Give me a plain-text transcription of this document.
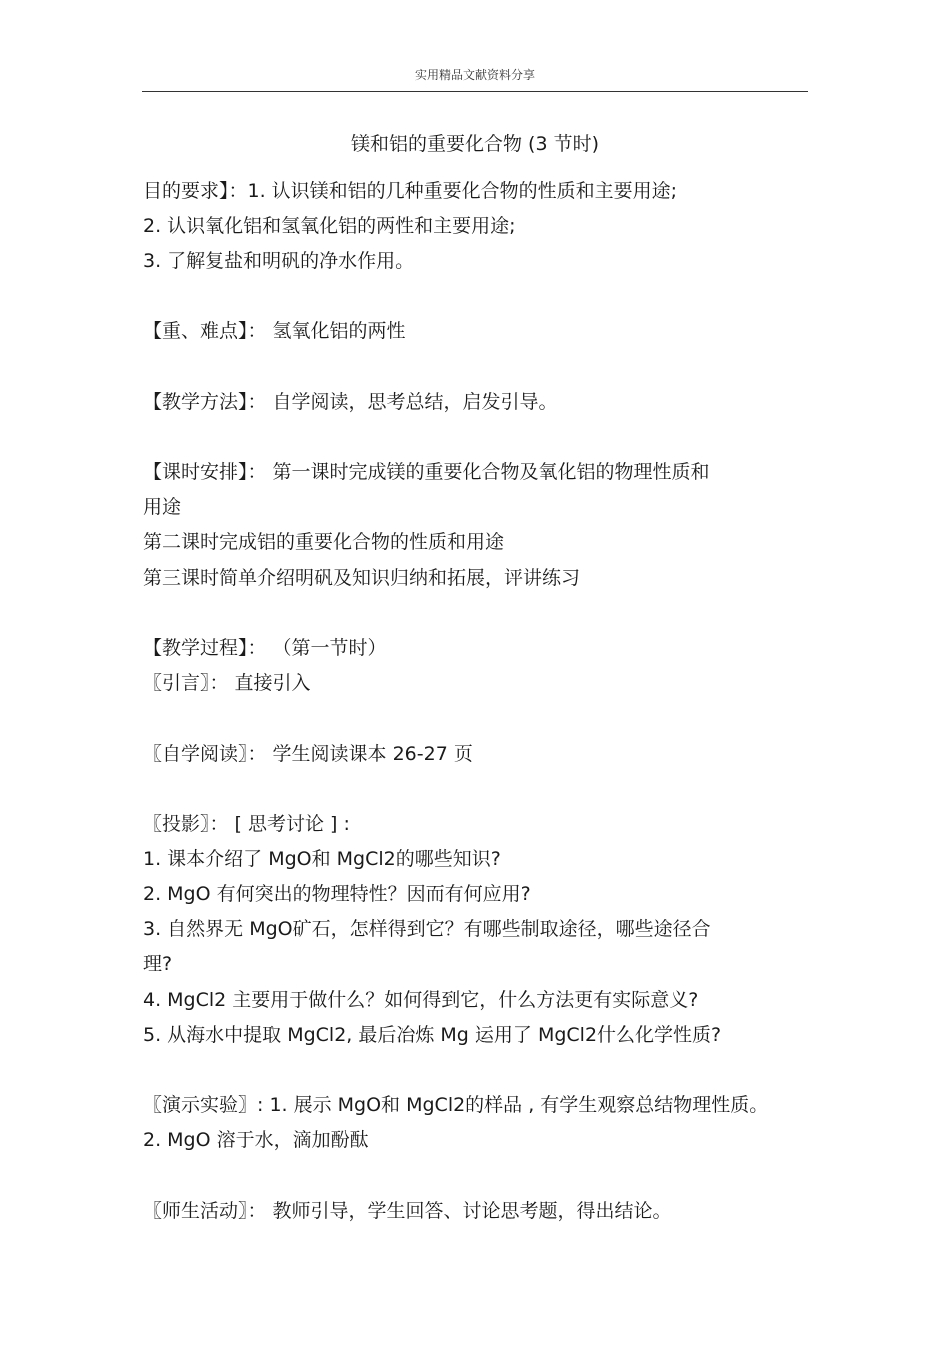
实用精品文献资料分享
镁和铝的重要化合物 (3 节时)
目的要求】：1. 认识镁和铝的几种重要化合物的性质和主要用途;
2. 认识氧化铝和氢氧化铝的两性和主要用途;
3. 了解复盐和明矾的净水作用。
【重、难点】： 氢氧化铝的两性
【教学方法】： 自学阅读，思考总结，启发引导。
【课时安排】： 第一课时完成镁的重要化合物及氧化铝的物理性质和
用途
第二课时完成铝的重要化合物的性质和用途
第三课时简单介绍明矾及知识归纳和拓展，评讲练习
【教学过程】： （第一节时）
〖引言〗： 直接引入
〖自学阅读〗： 学生阅读课本 26-27 页
〖投影〗： [ 思考讨论 ] :
1. 课本介绍了 MgO和 MgCl2的哪些知识?
2. MgO 有何突出的物理特性？因而有何应用?
3. 自然界无 MgO矿石，怎样得到它？有哪些制取途径，哪些途径合
理?
4. MgCl2 主要用于做什么？如何得到它，什么方法更有实际意义?
5. 从海水中提取 MgCl2, 最后冶炼 Mg 运用了 MgCl2什么化学性质?
〖演示实验〗: 1. 展示 MgO和 MgCl2的样品 , 有学生观察总结物理性质。
2. MgO 溶于水，滴加酚酞
〖师生活动〗： 教师引导，学生回答、讨论思考题，得出结论。
